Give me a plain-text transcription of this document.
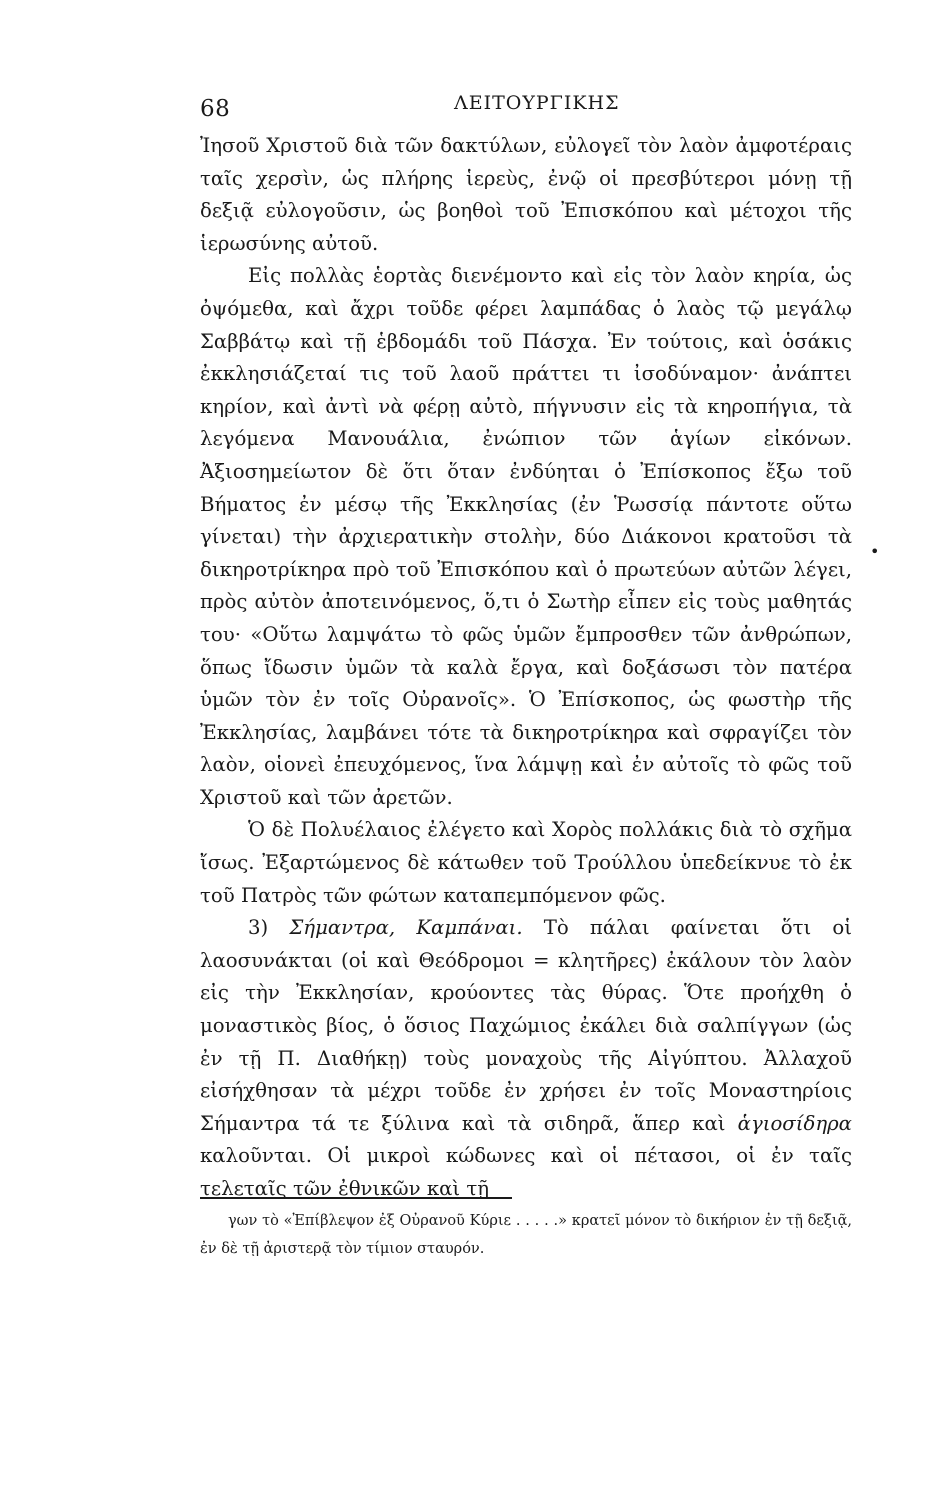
68	ΛΕΙΤΟΥΡΓΙΚΗΣ

Ἰησοῦ Χριστοῦ διὰ τῶν δακτύλων, εὐλογεῖ τὸν λαὸν ἀμφοτέραις ταῖς χερσὶν, ὡς πλήρης ἱερεὺς, ἐνῷ οἱ πρεσβύτεροι μόνῃ τῇ δεξιᾷ εὐλογοῦσιν, ὡς βοηθοὶ τοῦ Ἐπισκόπου καὶ μέτοχοι τῆς ἱερωσύνης αὐτοῦ.

Εἰς πολλὰς ἑορτὰς διενέμοντο καὶ εἰς τὸν λαὸν κηρία, ὡς ὀψόμεθα, καὶ ἄχρι τοῦδε φέρει λαμπάδας ὁ λαὸς τῷ μεγάλῳ Σαββάτῳ καὶ τῇ ἑβδομάδι τοῦ Πάσχα. Ἐν τούτοις, καὶ ὁσάκις ἐκκλησιάζεταί τις τοῦ λαοῦ πράττει τι ἰσοδύναμον· ἀνάπτει κηρίον, καὶ ἀντὶ νὰ φέρῃ αὐτὸ, πήγνυσιν εἰς τὰ κηροπήγια, τὰ λεγόμενα Μανουάλια, ἐνώπιον τῶν ἁγίων εἰκόνων. Ἀξιοσημείωτον δὲ ὅτι ὅταν ἐνδύηται ὁ Ἐπίσκοπος ἔξω τοῦ Βήματος ἐν μέσῳ τῆς Ἐκκλησίας (ἐν Ῥωσσίᾳ πάντοτε οὕτω γίνεται) τὴν ἀρχιερατικὴν στολὴν, δύο Διάκονοι κρατοῦσι τὰ δικηροτρίκηρα πρὸ τοῦ Ἐπισκόπου καὶ ὁ πρωτεύων αὐτῶν λέγει, πρὸς αὐτὸν ἀποτεινόμενος, ὅ,τι ὁ Σωτὴρ εἶπεν εἰς τοὺς μαθητάς του· «Οὕτω λαμψάτω τὸ φῶς ὑμῶν ἔμπροσθεν τῶν ἀνθρώπων, ὅπως ἴδωσιν ὑμῶν τὰ καλὰ ἔργα, καὶ δοξάσωσι τὸν πατέρα ὑμῶν τὸν ἐν τοῖς Οὐρανοῖς». Ὁ Ἐπίσκοπος, ὡς φωστὴρ τῆς Ἐκκλησίας, λαμβάνει τότε τὰ δικηροτρίκηρα καὶ σφραγίζει τὸν λαὸν, οἱονεὶ ἐπευχόμενος, ἵνα λάμψῃ καὶ ἐν αὐτοῖς τὸ φῶς τοῦ Χριστοῦ καὶ τῶν ἀρετῶν.

Ὁ δὲ Πολυέλαιος ἐλέγετο καὶ Χορὸς πολλάκις διὰ τὸ σχῆμα ἴσως. Ἐξαρτώμενος δὲ κάτωθεν τοῦ Τρούλλου ὑπεδείκνυε τὸ ἐκ τοῦ Πατρὸς τῶν φώτων καταπεμπόμενον φῶς.

3) Σήμαντρα, Καμπάναι. Τὸ πάλαι φαίνεται ὅτι οἱ λαοσυνάκται (οἱ καὶ Θεόδρομοι = κλητῆρες) ἐκάλουν τὸν λαὸν εἰς τὴν Ἐκκλησίαν, κρούοντες τὰς θύρας. Ὅτε προήχθη ὁ μοναστικὸς βίος, ὁ ὅσιος Παχώμιος ἐκάλει διὰ σαλπίγγων (ὡς ἐν τῇ Π. Διαθήκῃ) τοὺς μοναχοὺς τῆς Αἰγύπτου. Ἀλλαχοῦ εἰσήχθησαν τὰ μέχρι τοῦδε ἐν χρήσει ἐν τοῖς Μοναστηρίοις Σήμαντρα τά τε ξύλινα καὶ τὰ σιδηρᾶ, ἅπερ καὶ ἁγιοσίδηρα καλοῦνται. Οἱ μικροὶ κώδωνες καὶ οἱ πέτασοι, οἱ ἐν ταῖς τελεταῖς τῶν ἐθνικῶν καὶ τῇ

γων τὸ «Ἐπίβλεψον ἐξ Οὐρανοῦ Κύριε . . . . .» κρατεῖ μόνον τὸ δικήριον ἐν τῇ δεξιᾷ, ἐν δὲ τῇ ἀριστερᾷ τὸν τίμιον σταυρόν.

•
